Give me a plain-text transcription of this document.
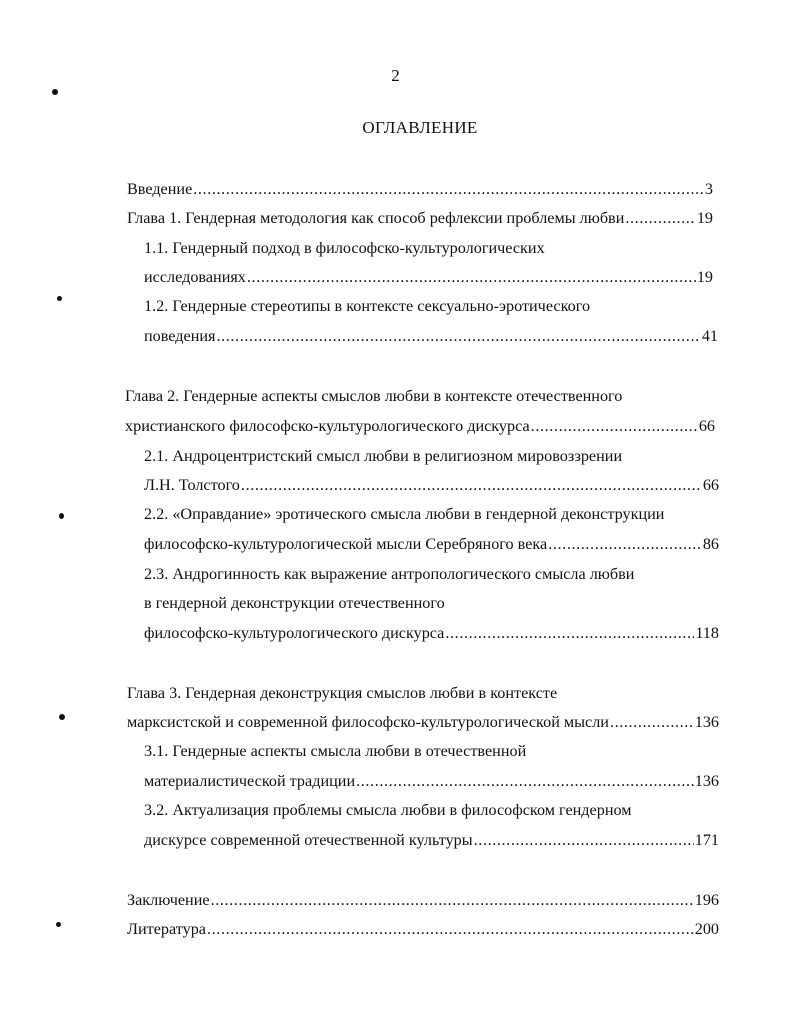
2
ОГЛАВЛЕНИЕ
Введение .....	3
Глава 1. Гендерная методология как способ рефлексии проблемы любви .....	19
1.1. Гендерный подход в философско-культурологических
исследованиях .....	19
1.2. Гендерные стереотипы в контексте сексуально-эротического
поведения .....	41
Глава 2. Гендерные аспекты смыслов любви в контексте отечественного
христианского философско-культурологического дискурса .....	66
2.1. Андроцентристский смысл любви в религиозном мировоззрении
Л.Н. Толстого .....	66
2.2. «Оправдание» эротического смысла любви в гендерной деконструкции
философско-культурологической мысли Серебряного века .....	86
2.3. Андрогинность как выражение антропологического смысла любви
в гендерной деконструкции отечественного
философско-культурологического дискурса .....	118
Глава 3. Гендерная деконструкция смыслов любви в контексте
марксистской и современной философско-культурологической мысли .....	136
3.1. Гендерные аспекты смысла любви в отечественной
материалистической традиции .....	136
3.2. Актуализация проблемы смысла любви в философском гендерном
дискурсе современной отечественной культуры .....	171
Заключение .....	196
Литература .....	200
